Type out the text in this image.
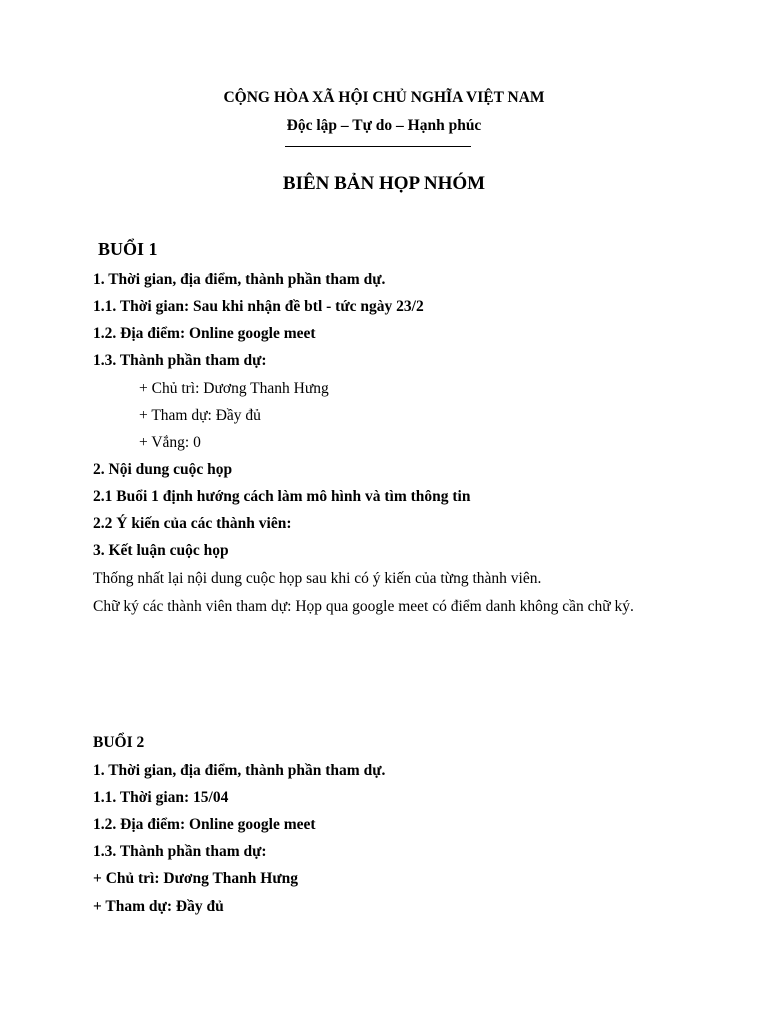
CỘNG HÒA XÃ HỘI CHỦ NGHĨA VIỆT NAM
Độc lập – Tự do – Hạnh phúc
BIÊN BẢN HỌP NHÓM
BUỔI 1
1. Thời gian, địa điểm, thành phần tham dự.
1.1. Thời gian: Sau khi nhận đề btl - tức ngày 23/2
1.2. Địa điểm: Online google meet
1.3. Thành phần tham dự:
+ Chủ trì: Dương Thanh Hưng
+ Tham dự: Đầy đủ
+ Vắng: 0
2. Nội dung cuộc họp
2.1 Buổi 1 định hướng cách làm mô hình và tìm thông tin
2.2 Ý kiến của các thành viên:
3. Kết luận cuộc họp
Thống nhất lại nội dung cuộc họp sau khi có ý kiến của từng thành viên.
Chữ ký các thành viên tham dự: Họp qua google meet có điểm danh không cần chữ ký.
BUỔI 2
1. Thời gian, địa điểm, thành phần tham dự.
1.1. Thời gian: 15/04
1.2. Địa điểm: Online google meet
1.3. Thành phần tham dự:
+ Chủ trì: Dương Thanh Hưng
+ Tham dự: Đầy đủ
